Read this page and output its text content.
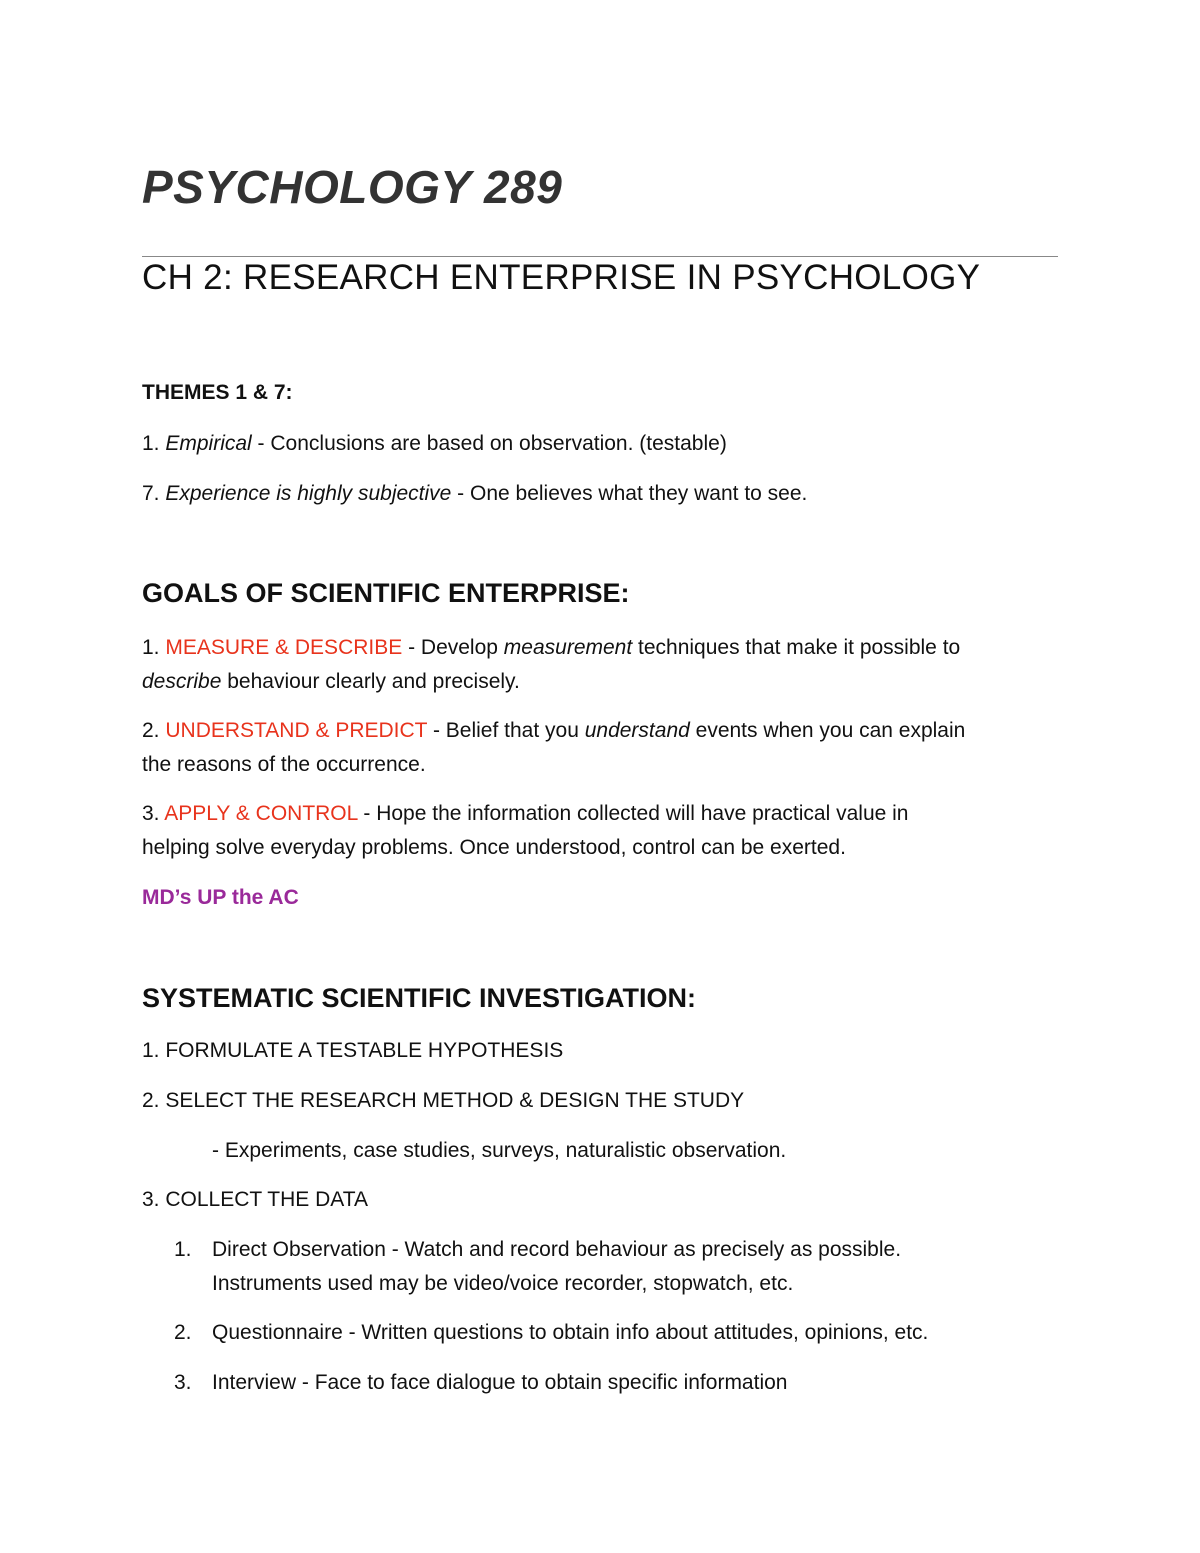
PSYCHOLOGY 289
CH 2: RESEARCH ENTERPRISE IN PSYCHOLOGY
THEMES 1 & 7:
1. Empirical - Conclusions are based on observation. (testable)
7. Experience is highly subjective - One believes what they want to see.
GOALS OF SCIENTIFIC ENTERPRISE:
1. MEASURE & DESCRIBE - Develop measurement techniques that make it possible to
describe behaviour clearly and precisely.
2. UNDERSTAND & PREDICT - Belief that you understand events when you can explain
the reasons of the occurrence.
3. APPLY & CONTROL - Hope the information collected will have practical value in
helping solve everyday problems. Once understood, control can be exerted.
MD’s UP the AC
SYSTEMATIC SCIENTIFIC INVESTIGATION:
1. FORMULATE A TESTABLE HYPOTHESIS
2. SELECT THE RESEARCH METHOD & DESIGN THE STUDY
- Experiments, case studies, surveys, naturalistic observation.
3. COLLECT THE DATA
1. Direct Observation - Watch and record behaviour as precisely as possible.
Instruments used may be video/voice recorder, stopwatch, etc.
2. Questionnaire - Written questions to obtain info about attitudes, opinions, etc.
3. Interview - Face to face dialogue to obtain specific information
